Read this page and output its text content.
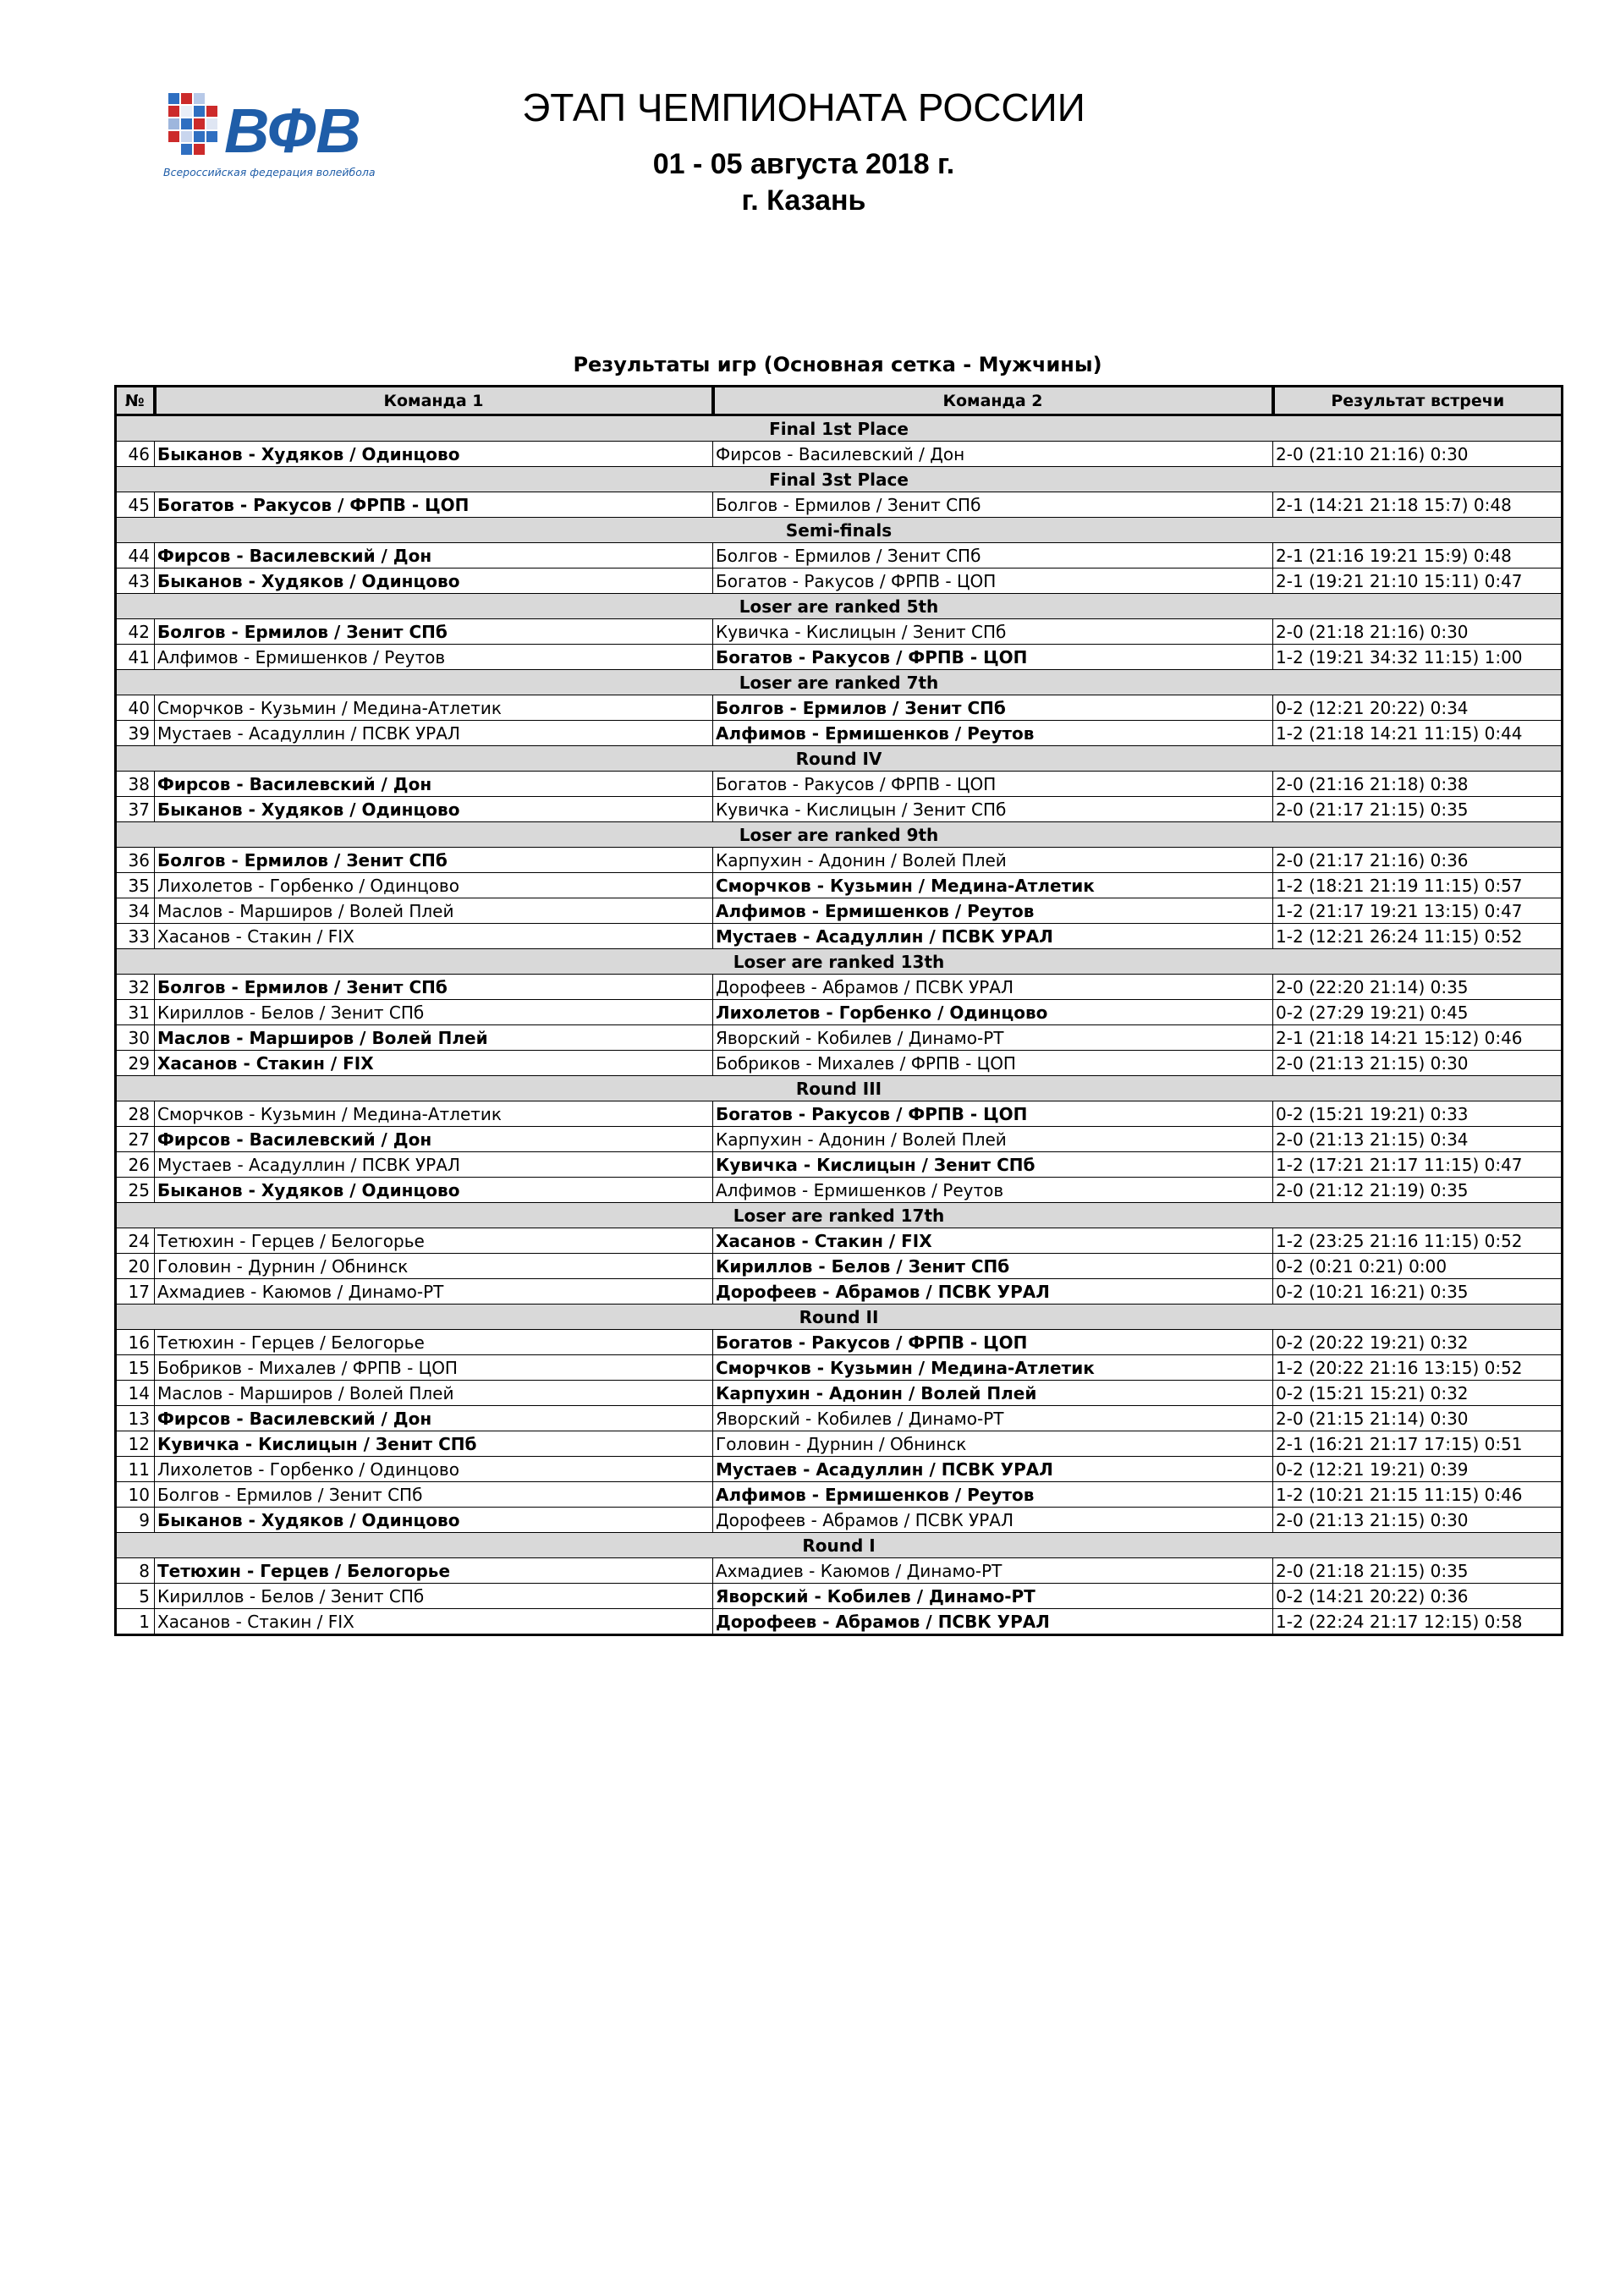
ВФВ
Всероссийская федерация волейбола
ЭТАП ЧЕМПИОНАТА РОССИИ
01 - 05 августа 2018 г.
г. Казань
Результаты игр (Основная сетка - Мужчины)
№	Команда 1	Команда 2	Результат встречи
Final 1st Place			
46	Быканов - Худяков / Одинцово	Фирсов - Василевский / Дон	2-0 (21:10 21:16) 0:30
Final 3st Place			
45	Богатов - Ракусов / ФРПВ - ЦОП	Болгов - Ермилов / Зенит СПб	2-1 (14:21 21:18 15:7) 0:48
Semi-finals			
44	Фирсов - Василевский / Дон	Болгов - Ермилов / Зенит СПб	2-1 (21:16 19:21 15:9) 0:48
43	Быканов - Худяков / Одинцово	Богатов - Ракусов / ФРПВ - ЦОП	2-1 (19:21 21:10 15:11) 0:47
Loser are ranked 5th			
42	Болгов - Ермилов / Зенит СПб	Кувичка - Кислицын / Зенит СПб	2-0 (21:18 21:16) 0:30
41	Алфимов - Ермишенков / Реутов	Богатов - Ракусов / ФРПВ - ЦОП	1-2 (19:21 34:32 11:15) 1:00
Loser are ranked 7th			
40	Сморчков - Кузьмин / Медина-Атлетик	Болгов - Ермилов / Зенит СПб	0-2 (12:21 20:22) 0:34
39	Мустаев - Асадуллин / ПСВК УРАЛ	Алфимов - Ермишенков / Реутов	1-2 (21:18 14:21 11:15) 0:44
Round IV			
38	Фирсов - Василевский / Дон	Богатов - Ракусов / ФРПВ - ЦОП	2-0 (21:16 21:18) 0:38
37	Быканов - Худяков / Одинцово	Кувичка - Кислицын / Зенит СПб	2-0 (21:17 21:15) 0:35
Loser are ranked 9th			
36	Болгов - Ермилов / Зенит СПб	Карпухин - Адонин / Волей Плей	2-0 (21:17 21:16) 0:36
35	Лихолетов - Горбенко / Одинцово	Сморчков - Кузьмин / Медина-Атлетик	1-2 (18:21 21:19 11:15) 0:57
34	Маслов - Марширов / Волей Плей	Алфимов - Ермишенков / Реутов	1-2 (21:17 19:21 13:15) 0:47
33	Хасанов - Стакин / FIX	Мустаев - Асадуллин / ПСВК УРАЛ	1-2 (12:21 26:24 11:15) 0:52
Loser are ranked 13th			
32	Болгов - Ермилов / Зенит СПб	Дорофеев - Абрамов / ПСВК УРАЛ	2-0 (22:20 21:14) 0:35
31	Кириллов - Белов / Зенит СПб	Лихолетов - Горбенко / Одинцово	0-2 (27:29 19:21) 0:45
30	Маслов - Марширов / Волей Плей	Яворский - Кобилев / Динамо-РТ	2-1 (21:18 14:21 15:12) 0:46
29	Хасанов - Стакин / FIX	Бобриков - Михалев / ФРПВ - ЦОП	2-0 (21:13 21:15) 0:30
Round III			
28	Сморчков - Кузьмин / Медина-Атлетик	Богатов - Ракусов / ФРПВ - ЦОП	0-2 (15:21 19:21) 0:33
27	Фирсов - Василевский / Дон	Карпухин - Адонин / Волей Плей	2-0 (21:13 21:15) 0:34
26	Мустаев - Асадуллин / ПСВК УРАЛ	Кувичка - Кислицын / Зенит СПб	1-2 (17:21 21:17 11:15) 0:47
25	Быканов - Худяков / Одинцово	Алфимов - Ермишенков / Реутов	2-0 (21:12 21:19) 0:35
Loser are ranked 17th			
24	Тетюхин - Герцев / Белогорье	Хасанов - Стакин / FIX	1-2 (23:25 21:16 11:15) 0:52
20	Головин - Дурнин / Обнинск	Кириллов - Белов / Зенит СПб	0-2 (0:21 0:21) 0:00
17	Ахмадиев - Каюмов / Динамо-РТ	Дорофеев - Абрамов / ПСВК УРАЛ	0-2 (10:21 16:21) 0:35
Round II			
16	Тетюхин - Герцев / Белогорье	Богатов - Ракусов / ФРПВ - ЦОП	0-2 (20:22 19:21) 0:32
15	Бобриков - Михалев / ФРПВ - ЦОП	Сморчков - Кузьмин / Медина-Атлетик	1-2 (20:22 21:16 13:15) 0:52
14	Маслов - Марширов / Волей Плей	Карпухин - Адонин / Волей Плей	0-2 (15:21 15:21) 0:32
13	Фирсов - Василевский / Дон	Яворский - Кобилев / Динамо-РТ	2-0 (21:15 21:14) 0:30
12	Кувичка - Кислицын / Зенит СПб	Головин - Дурнин / Обнинск	2-1 (16:21 21:17 17:15) 0:51
11	Лихолетов - Горбенко / Одинцово	Мустаев - Асадуллин / ПСВК УРАЛ	0-2 (12:21 19:21) 0:39
10	Болгов - Ермилов / Зенит СПб	Алфимов - Ермишенков / Реутов	1-2 (10:21 21:15 11:15) 0:46
9	Быканов - Худяков / Одинцово	Дорофеев - Абрамов / ПСВК УРАЛ	2-0 (21:13 21:15) 0:30
Round I			
8	Тетюхин - Герцев / Белогорье	Ахмадиев - Каюмов / Динамо-РТ	2-0 (21:18 21:15) 0:35
5	Кириллов - Белов / Зенит СПб	Яворский - Кобилев / Динамо-РТ	0-2 (14:21 20:22) 0:36
1	Хасанов - Стакин / FIX	Дорофеев - Абрамов / ПСВК УРАЛ	1-2 (22:24 21:17 12:15) 0:58
